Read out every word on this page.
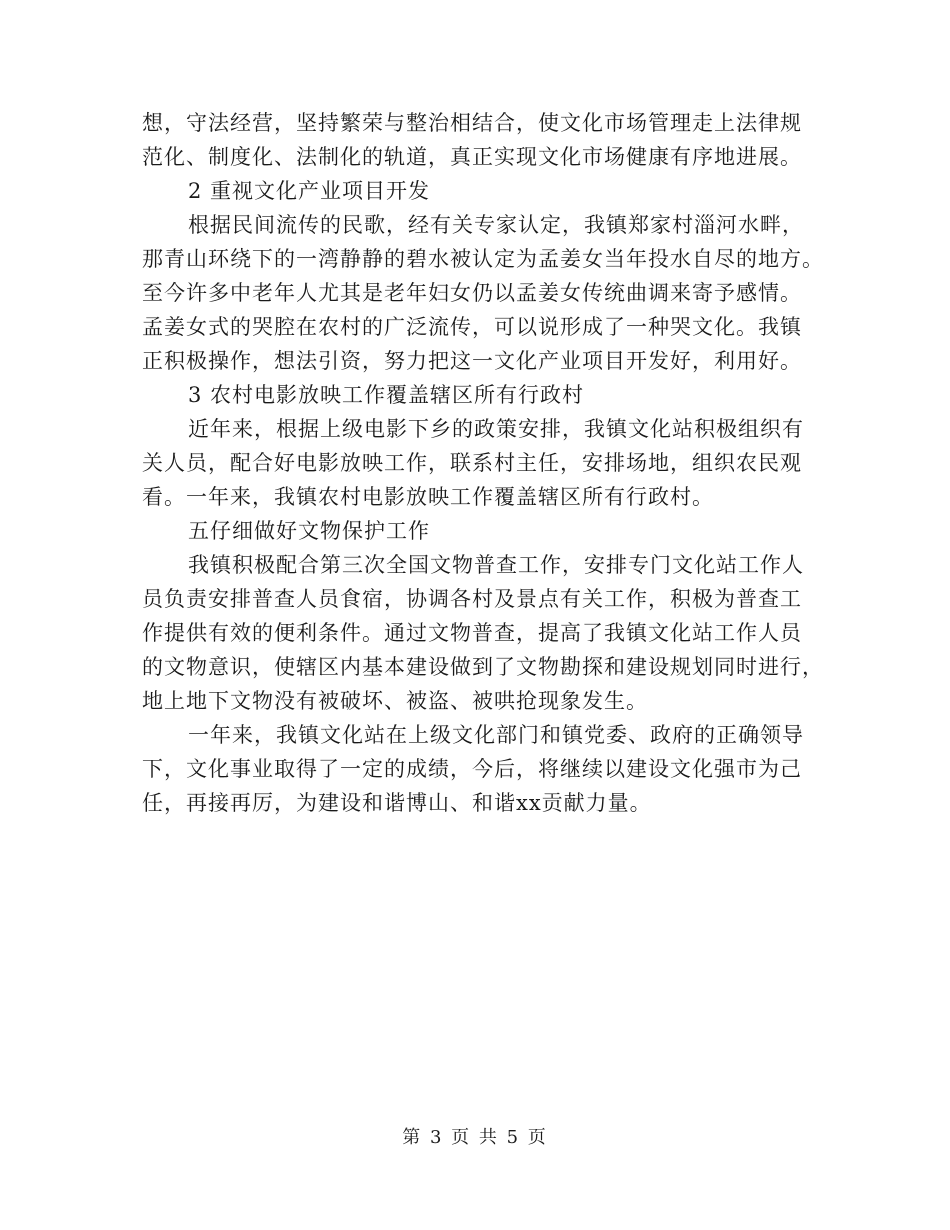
想，守法经营，坚持繁荣与整治相结合，使文化市场管理走上法律规
范化、制度化、法制化的轨道，真正实现文化市场健康有序地进展。
2 重视文化产业项目开发
根据民间流传的民歌，经有关专家认定，我镇郑家村淄河水畔，
那青山环绕下的一湾静静的碧水被认定为孟姜女当年投水自尽的地方。
至今许多中老年人尤其是老年妇女仍以孟姜女传统曲调来寄予感情。
孟姜女式的哭腔在农村的广泛流传，可以说形成了一种哭文化。我镇
正积极操作，想法引资，努力把这一文化产业项目开发好，利用好。
3 农村电影放映工作覆盖辖区所有行政村
近年来，根据上级电影下乡的政策安排，我镇文化站积极组织有
关人员，配合好电影放映工作，联系村主任，安排场地，组织农民观
看。一年来，我镇农村电影放映工作覆盖辖区所有行政村。
五仔细做好文物保护工作
我镇积极配合第三次全国文物普查工作，安排专门文化站工作人
员负责安排普查人员食宿，协调各村及景点有关工作，积极为普查工
作提供有效的便利条件。通过文物普查，提高了我镇文化站工作人员
的文物意识，使辖区内基本建设做到了文物勘探和建设规划同时进行，
地上地下文物没有被破坏、被盗、被哄抢现象发生。
一年来，我镇文化站在上级文化部门和镇党委、政府的正确领导
下，文化事业取得了一定的成绩，今后，将继续以建设文化强市为己
任，再接再厉，为建设和谐博山、和谐xx贡献力量。
第 3 页 共 5 页
